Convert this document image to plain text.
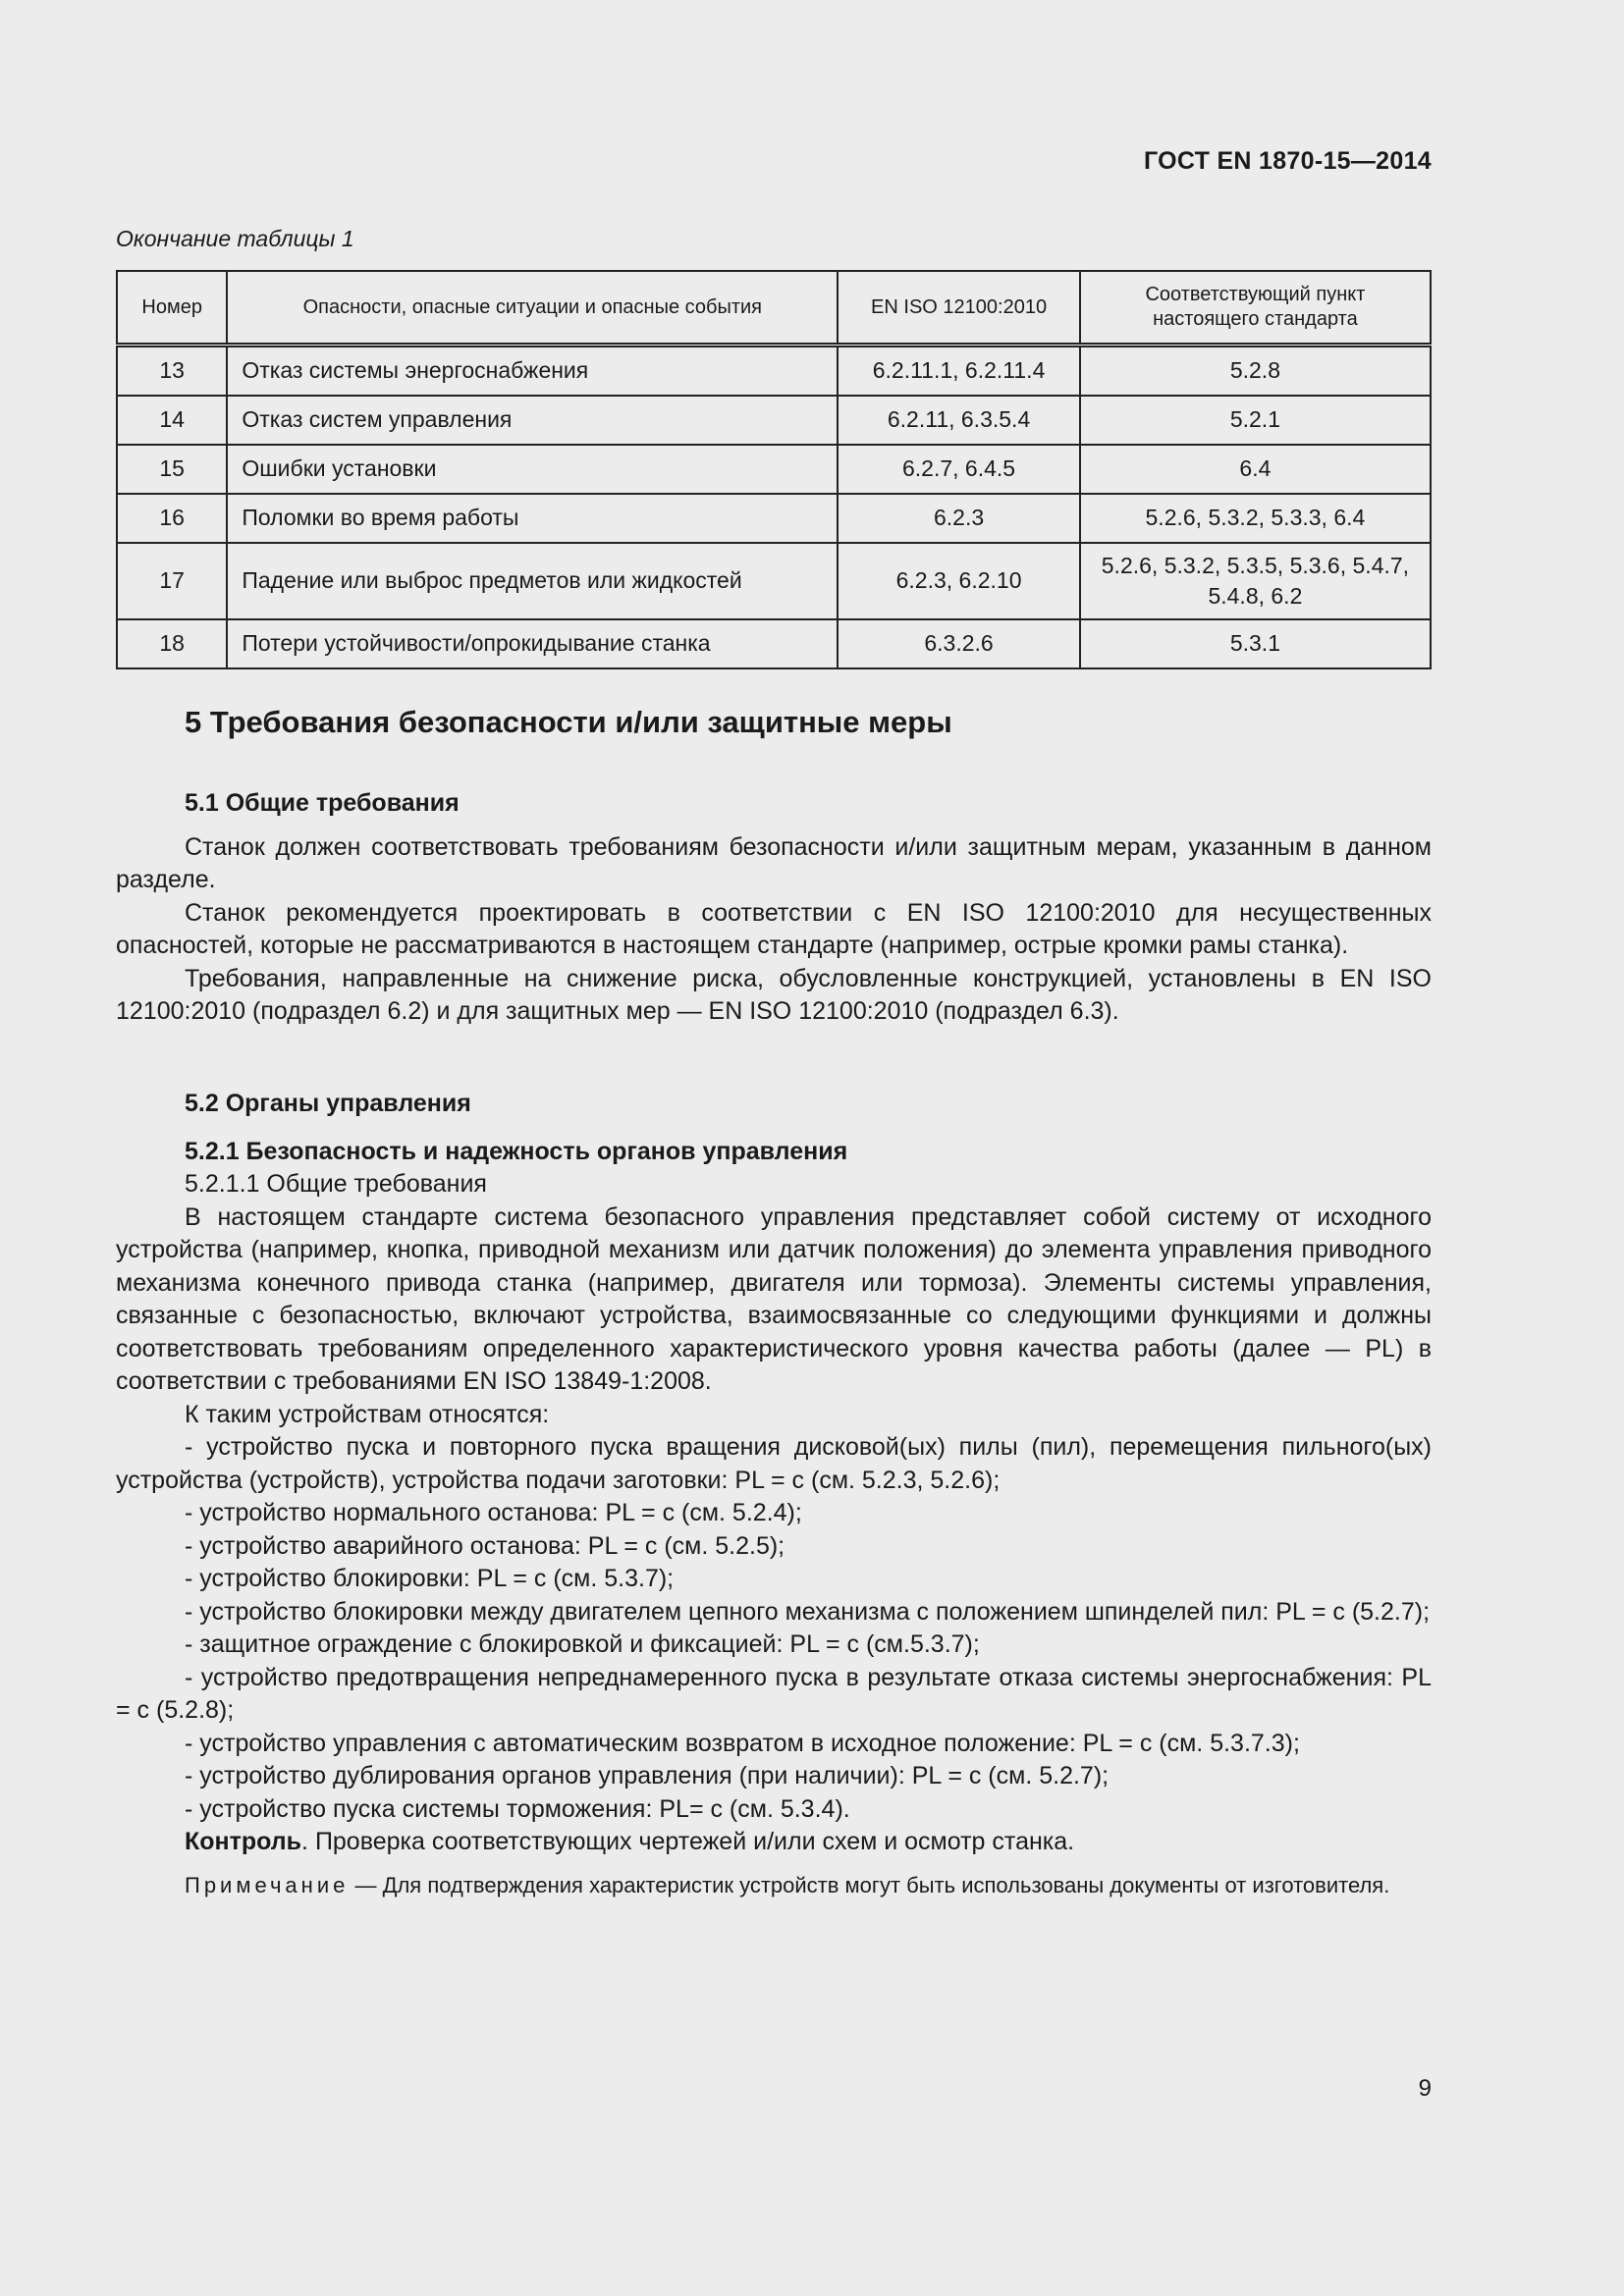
ГОСТ EN 1870-15—2014
Окончание таблицы 1
Номер	Опасности, опасные ситуации и опасные события	EN ISO 12100:2010	Соответствующий пункт настоящего стандарта
13	Отказ системы энергоснабжения	6.2.11.1, 6.2.11.4	5.2.8
14	Отказ систем управления	6.2.11, 6.3.5.4	5.2.1
15	Ошибки установки	6.2.7, 6.4.5	6.4
16	Поломки во время работы	6.2.3	5.2.6, 5.3.2, 5.3.3, 6.4
17	Падение или выброс предметов или жидкостей	6.2.3, 6.2.10	5.2.6, 5.3.2, 5.3.5, 5.3.6, 5.4.7, 5.4.8, 6.2
18	Потери устойчивости/опрокидывание станка	6.3.2.6	5.3.1
5 Требования безопасности и/или защитные меры

5.1 Общие требования

Станок должен соответствовать требованиям безопасности и/или защитным мерам, указанным в данном разделе.

Станок рекомендуется проектировать в соответствии с EN ISO 12100:2010 для несущественных опасностей, которые не рассматриваются в настоящем стандарте (например, острые кромки рамы станка).

Требования, направленные на снижение риска, обусловленные конструкцией, установлены в EN ISO 12100:2010 (подраздел 6.2) и для защитных мер — EN ISO 12100:2010 (подраздел 6.3).

5.2 Органы управления

5.2.1 Безопасность и надежность органов управления

5.2.1.1 Общие требования

В настоящем стандарте система безопасного управления представляет собой систему от исходного устройства (например, кнопка, приводной механизм или датчик положения) до элемента управления приводного механизма конечного привода станка (например, двигателя или тормоза). Элементы системы управления, связанные с безопасностью, включают устройства, взаимосвязанные со следующими функциями и должны соответствовать требованиям определенного характеристического уровня качества работы (далее — PL) в соответствии с требованиями EN ISO 13849-1:2008.

К таким устройствам относятся:

- устройство пуска и повторного пуска вращения дисковой(ых) пилы (пил), перемещения пильного(ых) устройства (устройств), устройства подачи заготовки: PL = c (см. 5.2.3, 5.2.6);

- устройство нормального останова: PL = c (см. 5.2.4);

- устройство аварийного останова: PL = c (см. 5.2.5);

- устройство блокировки: PL = c (см. 5.3.7);

- устройство блокировки между двигателем цепного механизма с положением шпинделей пил: PL = c (5.2.7);

- защитное ограждение с блокировкой и фиксацией: PL = c (см.5.3.7);

- устройство предотвращения непреднамеренного пуска в результате отказа системы энергоснабжения: PL = c (5.2.8);

- устройство управления с автоматическим возвратом в исходное положение: PL = c (см. 5.3.7.3);

- устройство дублирования органов управления (при наличии): PL = c (см. 5.2.7);

- устройство пуска системы торможения: PL= c (см. 5.3.4).

Контроль. Проверка соответствующих чертежей и/или схем и осмотр станка.

Примечание — Для подтверждения характеристик устройств могут быть использованы документы от изготовителя.

9
